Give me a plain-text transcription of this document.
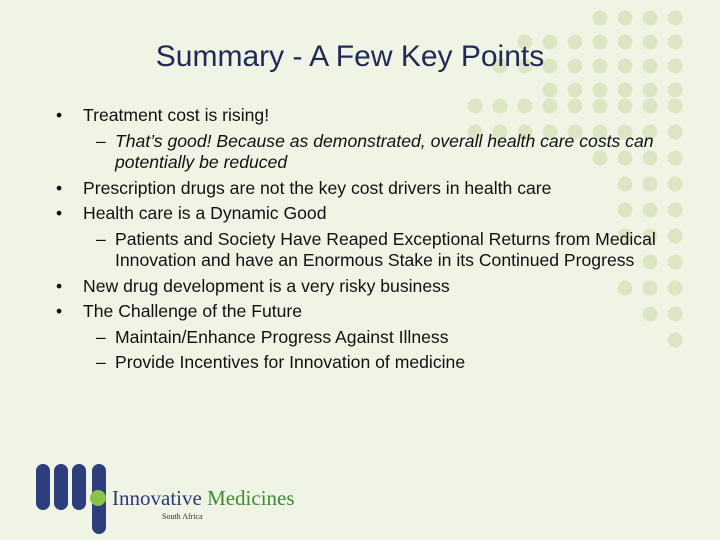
Summary - A Few Key Points
• Treatment cost is rising!
– That’s good! Because as demonstrated, overall health care costs can potentially be reduced
• Prescription drugs are not the key cost drivers in health care
• Health care is a Dynamic Good
– Patients and Society Have Reaped Exceptional Returns from Medical Innovation and have an Enormous Stake in its Continued Progress
• New drug development is a very risky business
• The Challenge of the Future
– Maintain/Enhance Progress Against Illness
– Provide Incentives for Innovation of medicine
Innovative Medicines
South Africa
